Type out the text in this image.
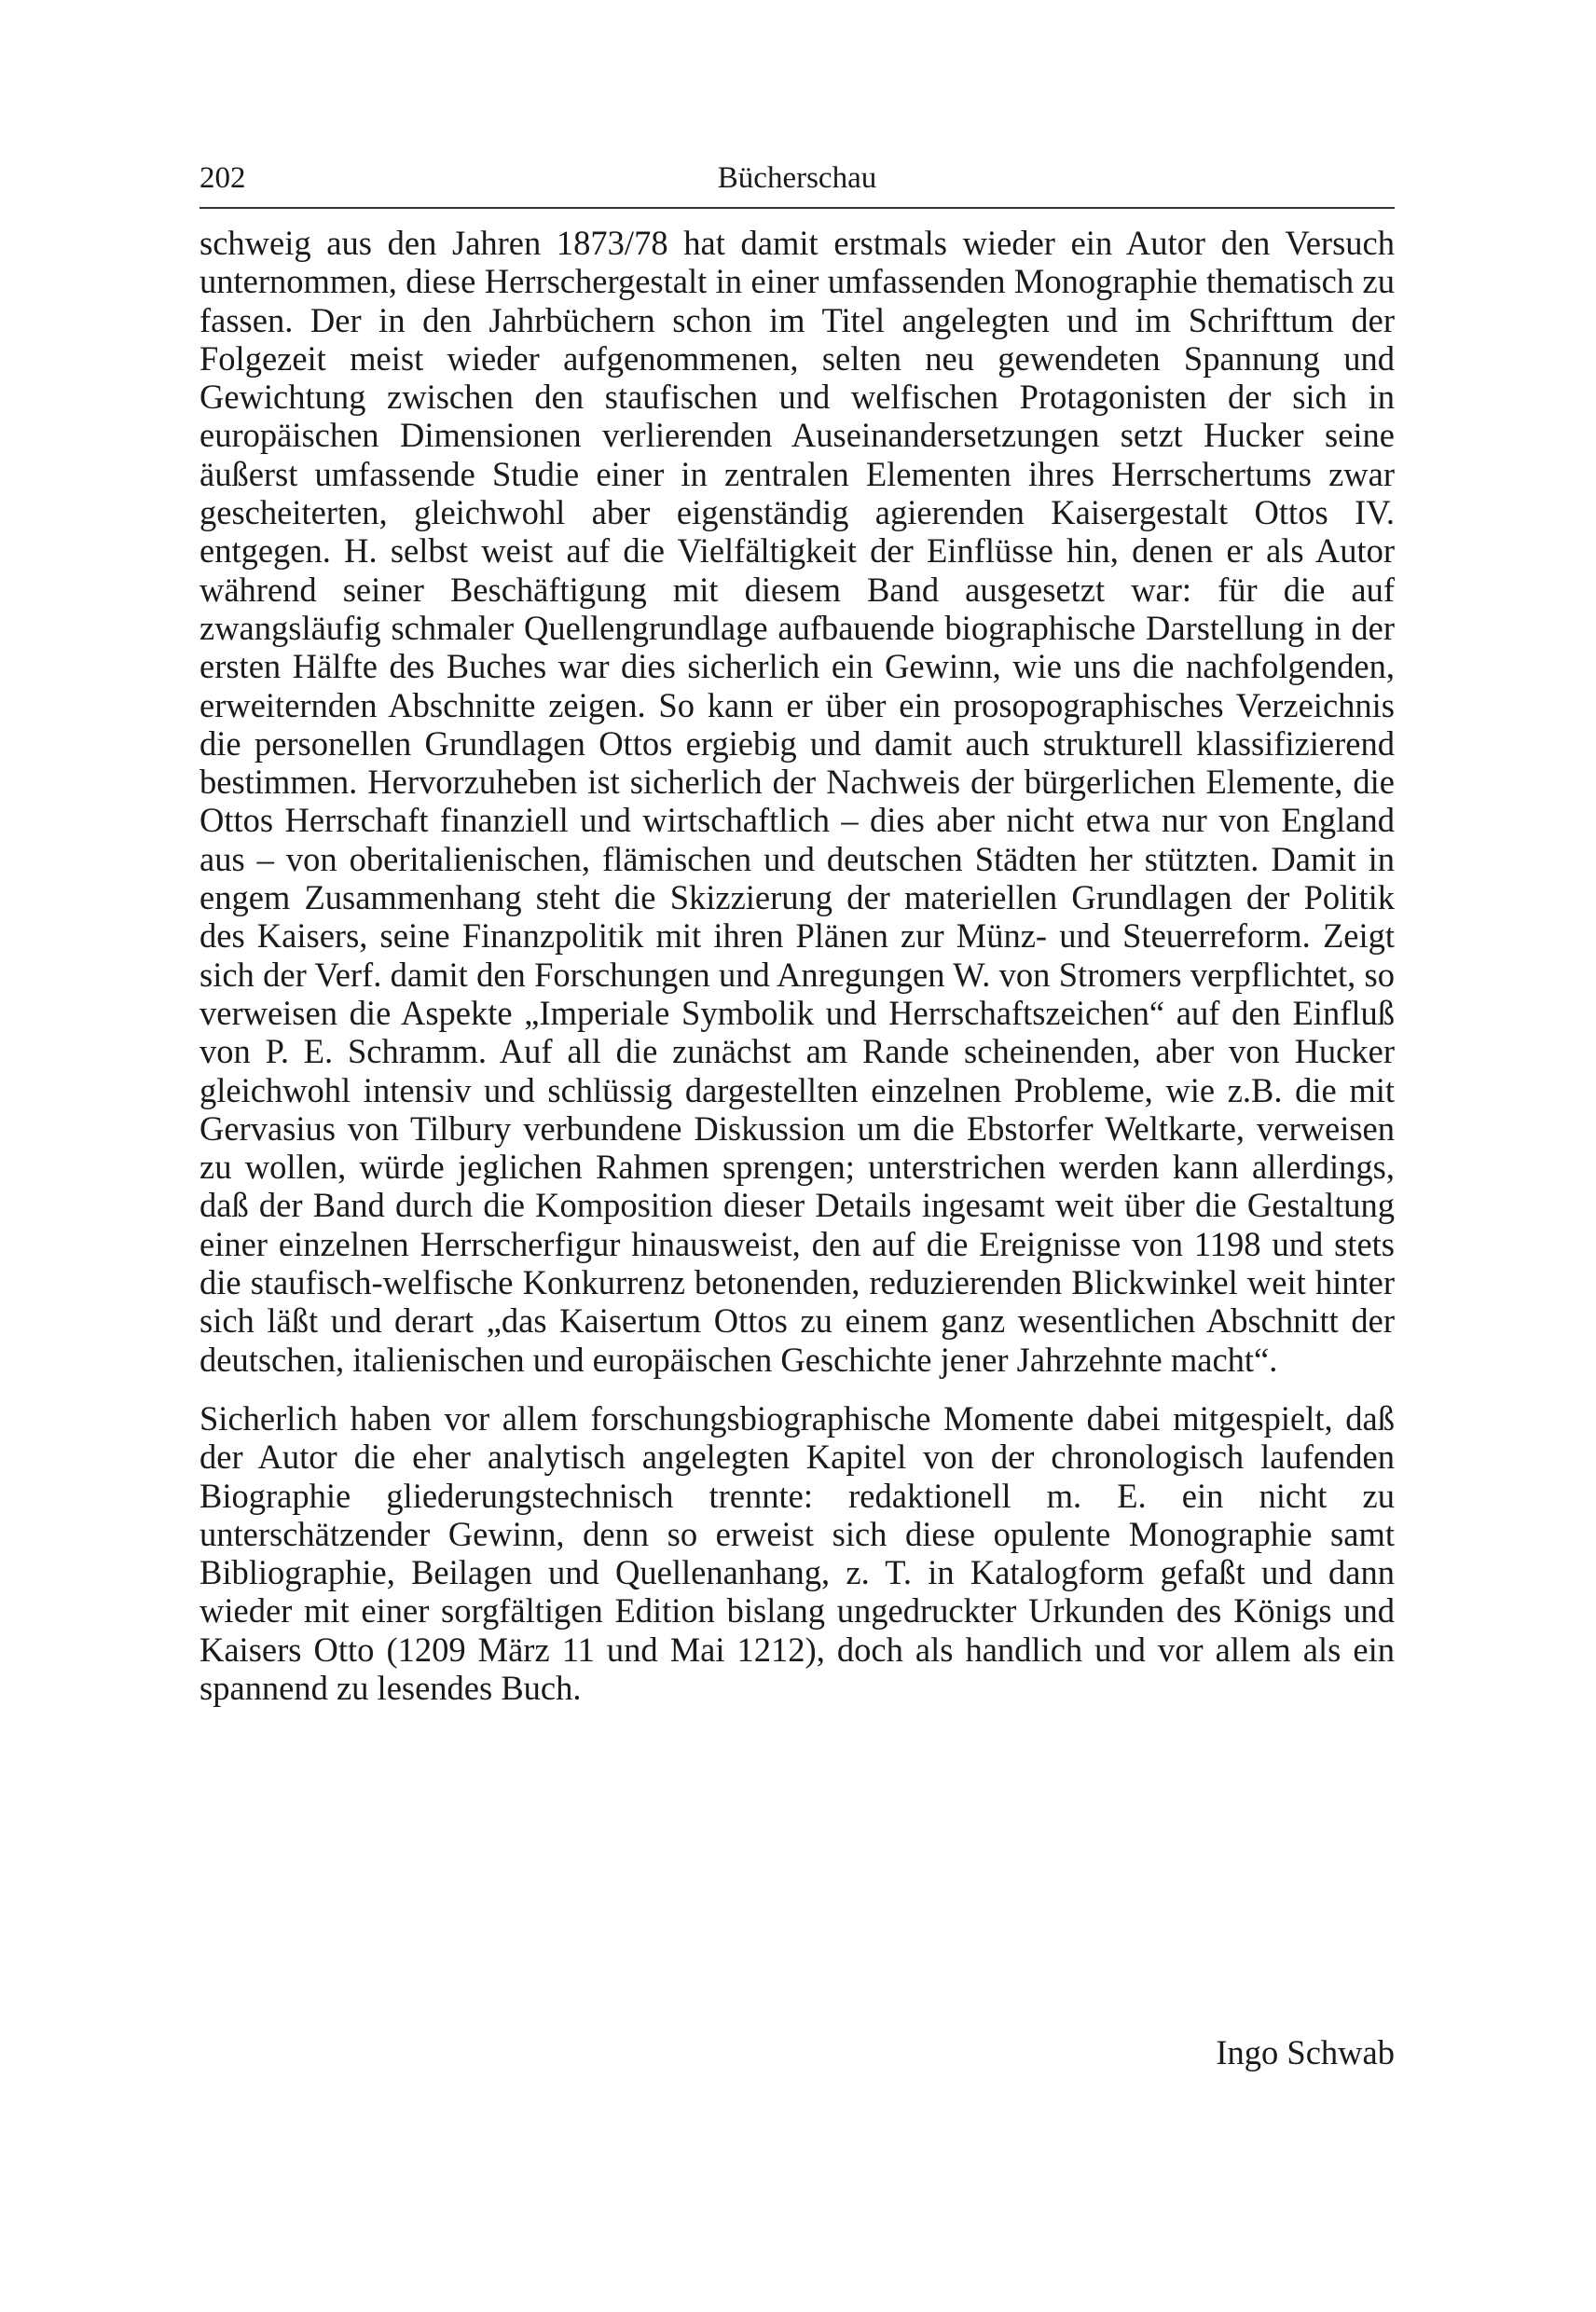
202	Bücherschau

schweig aus den Jahren 1873/78 hat damit erstmals wieder ein Autor den Versuch unternommen, diese Herrschergestalt in einer umfassenden Monographie thematisch zu fassen. Der in den Jahrbüchern schon im Titel angelegten und im Schrifttum der Folgezeit meist wieder aufgenommenen, selten neu gewendeten Spannung und Gewichtung zwischen den staufischen und welfischen Protagonisten der sich in europäischen Dimensionen verlierenden Auseinandersetzungen setzt Hucker seine äußerst umfassende Studie einer in zentralen Elementen ihres Herrschertums zwar gescheiterten, gleichwohl aber eigenständig agierenden Kaisergestalt Ottos IV. entgegen. H. selbst weist auf die Vielfältigkeit der Einflüsse hin, denen er als Autor während seiner Beschäftigung mit diesem Band ausgesetzt war: für die auf zwangsläufig schmaler Quellengrundlage aufbauende biographische Darstellung in der ersten Hälfte des Buches war dies sicherlich ein Gewinn, wie uns die nachfolgenden, erweiternden Abschnitte zeigen. So kann er über ein prosopographisches Verzeichnis die personellen Grundlagen Ottos ergiebig und damit auch strukturell klassifizierend bestimmen. Hervorzuheben ist sicherlich der Nachweis der bürgerlichen Elemente, die Ottos Herrschaft finanziell und wirtschaftlich – dies aber nicht etwa nur von England aus – von oberitalienischen, flämischen und deutschen Städten her stützten. Damit in engem Zusammenhang steht die Skizzierung der materiellen Grundlagen der Politik des Kaisers, seine Finanzpolitik mit ihren Plänen zur Münz- und Steuerreform. Zeigt sich der Verf. damit den Forschungen und Anregungen W. von Stromers verpflichtet, so verweisen die Aspekte „Imperiale Symbolik und Herrschaftszeichen“ auf den Einfluß von P. E. Schramm. Auf all die zunächst am Rande scheinenden, aber von Hucker gleichwohl intensiv und schlüssig dargestellten einzelnen Probleme, wie z.B. die mit Gervasius von Tilbury verbundene Diskussion um die Ebstorfer Weltkarte, verweisen zu wollen, würde jeglichen Rahmen sprengen; unterstrichen werden kann allerdings, daß der Band durch die Komposition dieser Details ingesamt weit über die Gestaltung einer einzelnen Herrscherfigur hinausweist, den auf die Ereignisse von 1198 und stets die staufisch-welfische Konkurrenz betonenden, reduzierenden Blickwinkel weit hinter sich läßt und derart „das Kaisertum Ottos zu einem ganz wesentlichen Abschnitt der deutschen, italienischen und europäischen Geschichte jener Jahrzehnte macht“.

Sicherlich haben vor allem forschungsbiographische Momente dabei mitgespielt, daß der Autor die eher analytisch angelegten Kapitel von der chronologisch laufenden Biographie gliederungstechnisch trennte: redaktionell m. E. ein nicht zu unterschätzender Gewinn, denn so erweist sich diese opulente Monographie samt Bibliographie, Beilagen und Quellenanhang, z. T. in Katalogform gefaßt und dann wieder mit einer sorgfältigen Edition bislang ungedruckter Urkunden des Königs und Kaisers Otto (1209 März 11 und Mai 1212), doch als handlich und vor allem als ein spannend zu lesendes Buch.

Ingo Schwab
